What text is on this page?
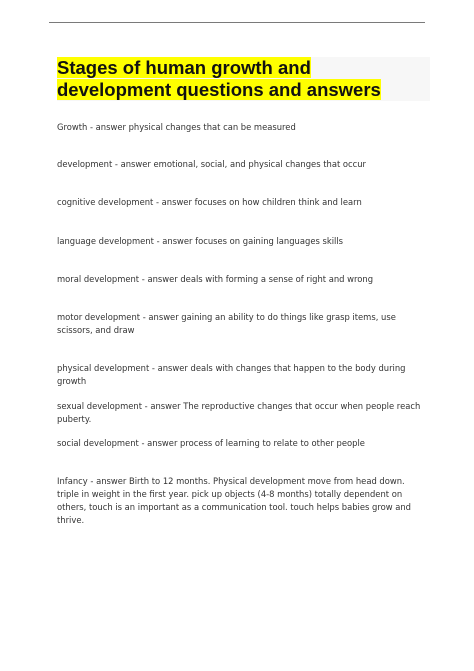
Stages of human growth and
development questions and answers

Growth - answer physical changes that can be measured

development - answer emotional, social, and physical changes that occur

cognitive development - answer focuses on how children think and learn

language development - answer focuses on gaining languages skills

moral development - answer deals with forming a sense of right and wrong

motor development - answer gaining an ability to do things like grasp items, use scissors, and draw

physical development - answer deals with changes that happen to the body during growth

sexual development - answer The reproductive changes that occur when people reach puberty.

social development - answer process of learning to relate to other people

Infancy - answer Birth to 12 months. Physical development move from head down. triple in weight in the first year. pick up objects (4-8 months) totally dependent on others, touch is an important as a communication tool. touch helps babies grow and thrive.
